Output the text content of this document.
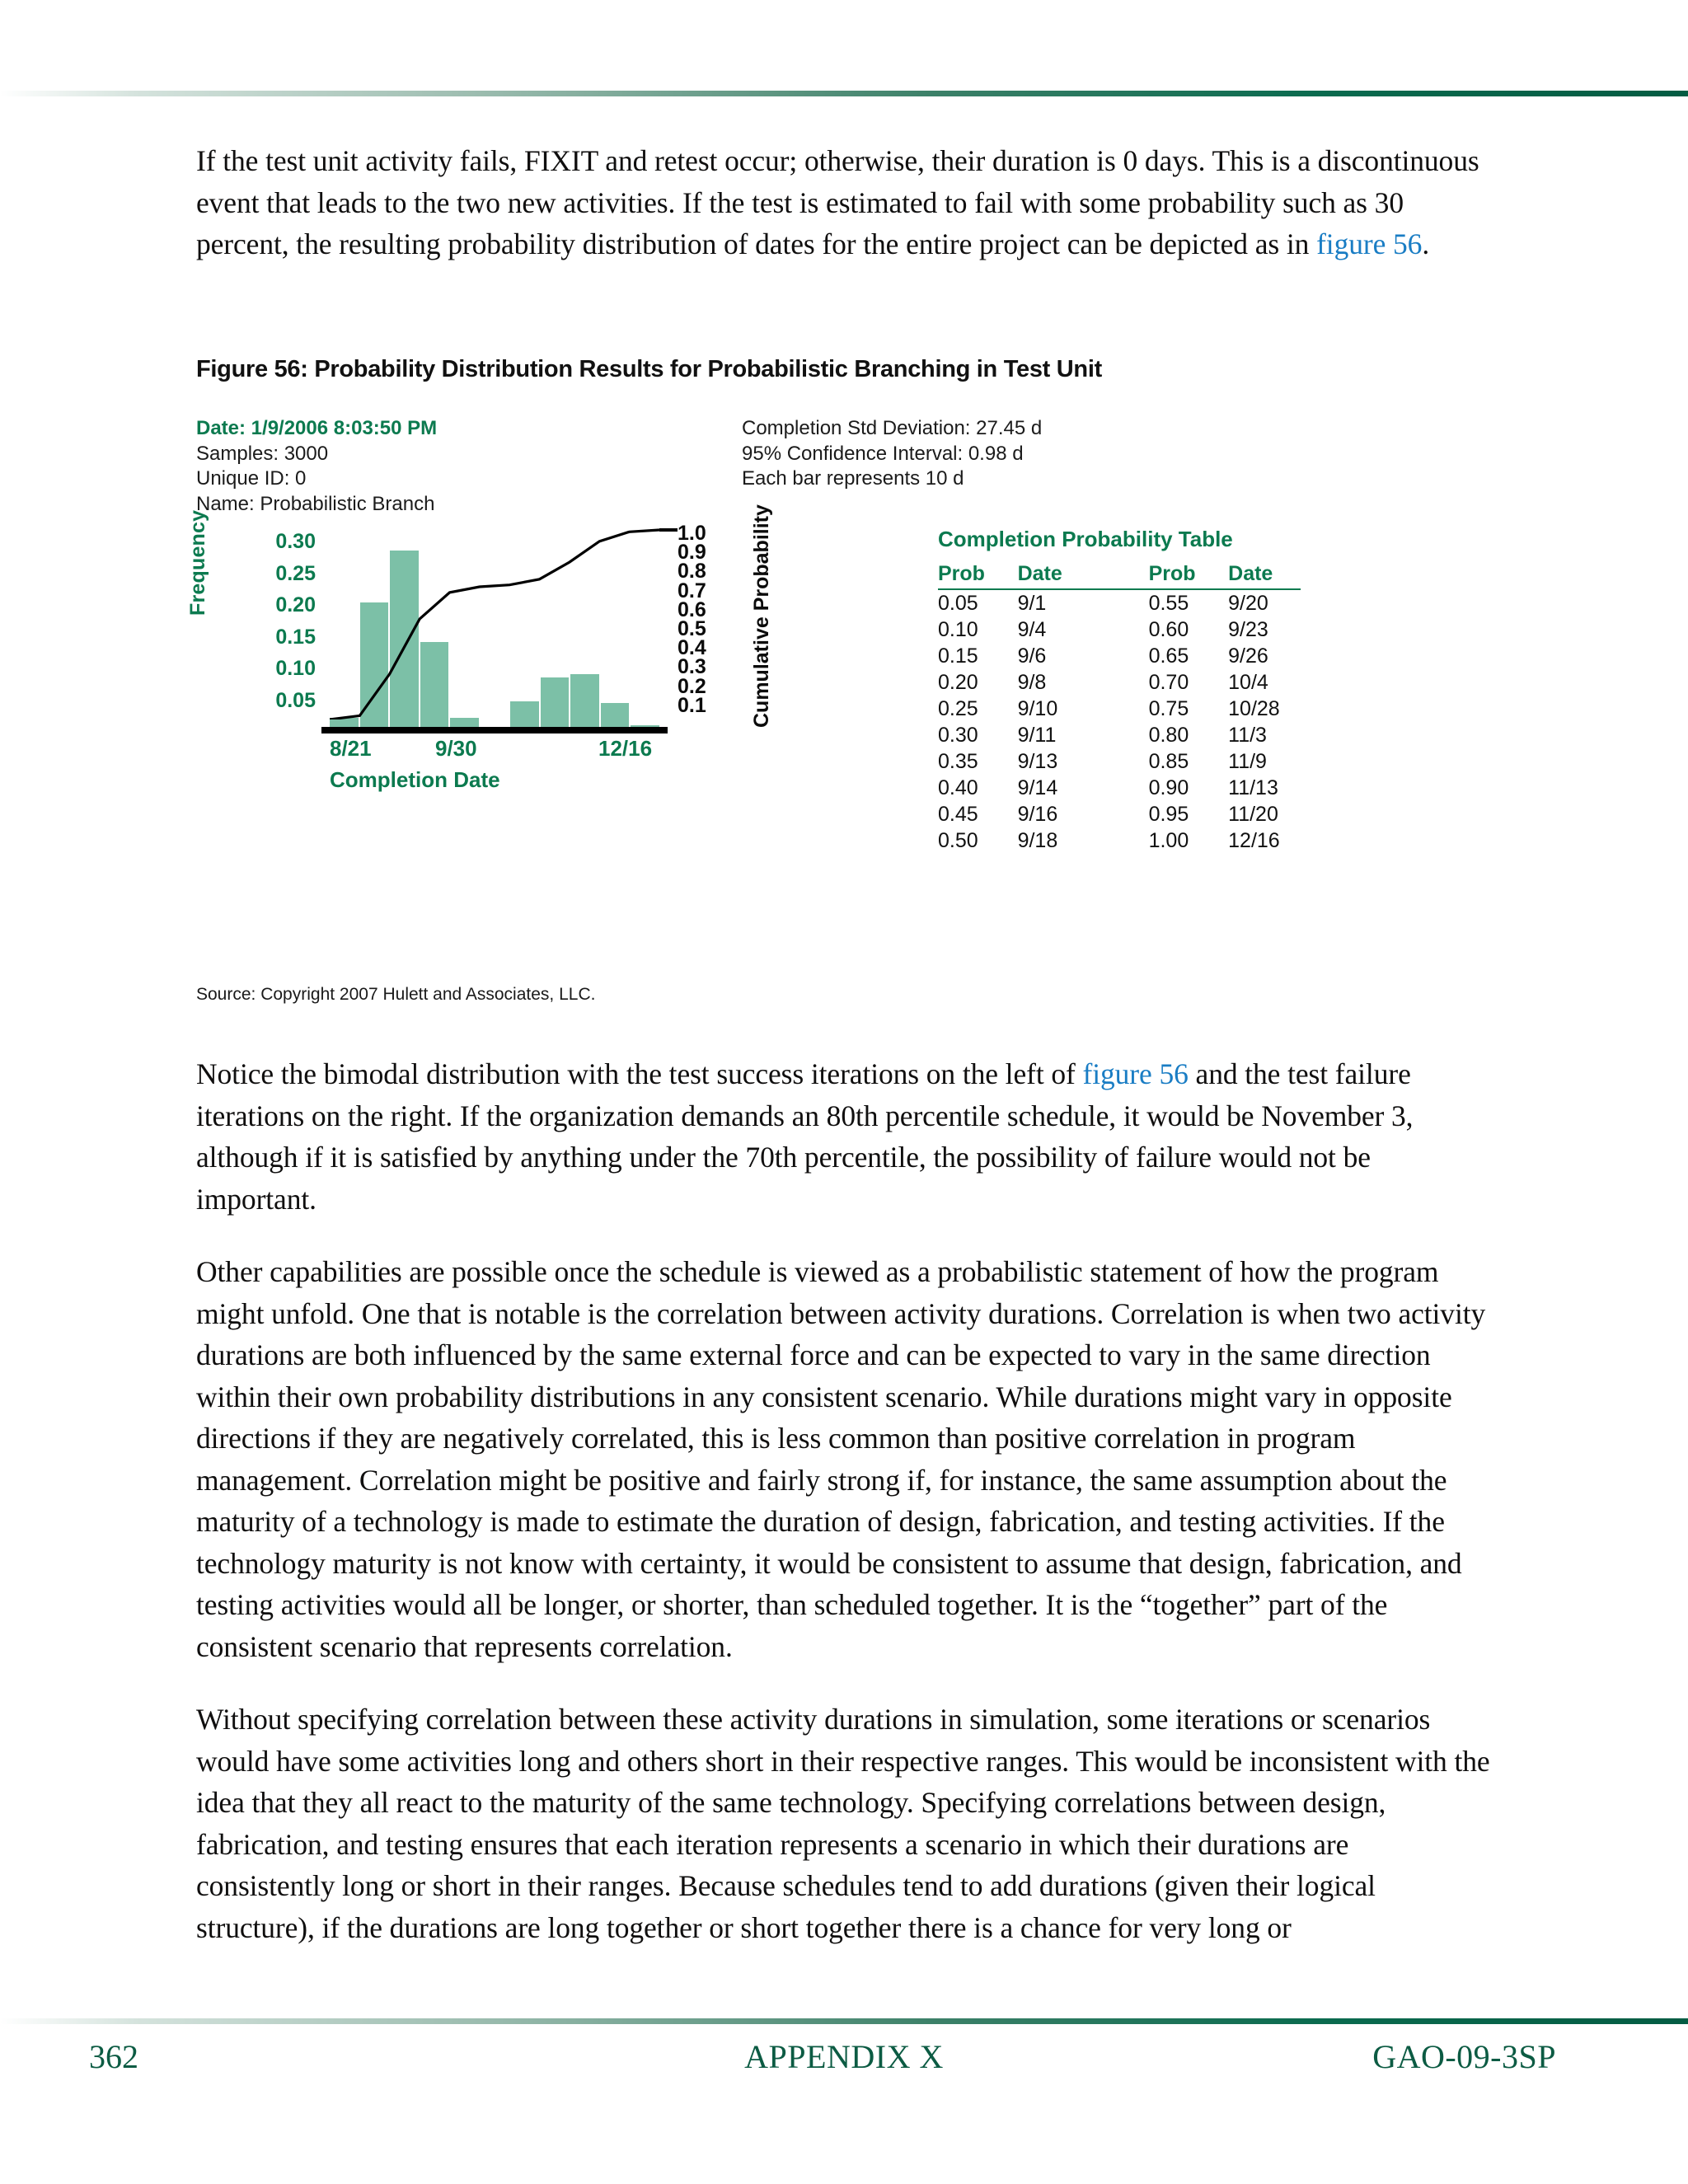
If the test unit activity fails, FIXIT and retest occur; otherwise, their duration is 0 days. This is a discontinuous event that leads to the two new activities. If the test is estimated to fail with some probability such as 30 percent, the resulting probability distribution of dates for the entire project can be depicted as in figure 56.

Figure 56: Probability Distribution Results for Probabilistic Branching in Test Unit
Date: 1/9/2006 8:03:50 PM
Samples: 3000
Unique ID: 0
Name: Probabilistic Branch
Completion Std Deviation: 27.45 d
95% Confidence Interval: 0.98 d
Each bar represents 10 d
Frequency	0.30
0.25
0.20
0.15
0.10
0.05
1.0
0.9
0.8
0.7
0.6
0.5
0.4
0.3
0.2
0.1 Cumulative Probability
8/21	9/30	12/16
Completion Date
Completion Probability Table
Prob	Date	Prob	Date
0.05	9/1	0.55	9/20
0.10	9/4	0.60	9/23
0.15	9/6	0.65	9/26
0.20	9/8	0.70	10/4
0.25	9/10	0.75	10/28
0.30	9/11	0.80	11/3
0.35	9/13	0.85	11/9
0.40	9/14	0.90	11/13
0.45	9/16	0.95	11/20
0.50	9/18	1.00	12/16
Source: Copyright 2007 Hulett and Associates, LLC.

Notice the bimodal distribution with the test success iterations on the left of figure 56 and the test failure iterations on the right. If the organization demands an 80th percentile schedule, it would be November 3, although if it is satisfied by anything under the 70th percentile, the possibility of failure would not be important.

Other capabilities are possible once the schedule is viewed as a probabilistic statement of how the program might unfold. One that is notable is the correlation between activity durations. Correlation is when two activity durations are both influenced by the same external force and can be expected to vary in the same direction within their own probability distributions in any consistent scenario. While durations might vary in opposite directions if they are negatively correlated, this is less common than positive correlation in program management. Correlation might be positive and fairly strong if, for instance, the same assumption about the maturity of a technology is made to estimate the duration of design, fabrication, and testing activities. If the technology maturity is not know with certainty, it would be consistent to assume that design, fabrication, and testing activities would all be longer, or shorter, than scheduled together. It is the “together” part of the consistent scenario that represents correlation.

Without specifying correlation between these activity durations in simulation, some iterations or scenarios would have some activities long and others short in their respective ranges. This would be inconsistent with the idea that they all react to the maturity of the same technology. Specifying correlations between design, fabrication, and testing ensures that each iteration represents a scenario in which their durations are consistently long or short in their ranges. Because schedules tend to add durations (given their logical structure), if the durations are long together or short together there is a chance for very long or

362	APPENDIX X	GAO-09-3SP
